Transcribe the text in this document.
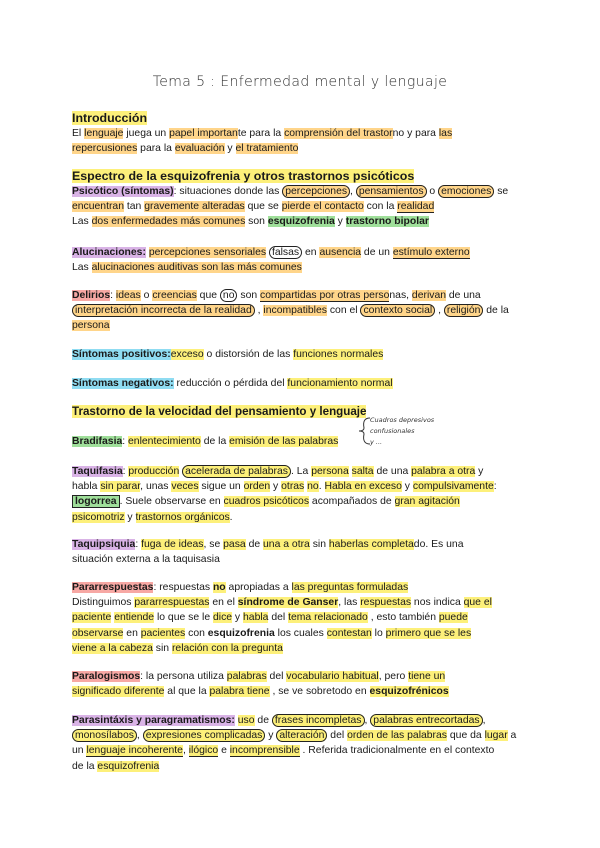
Tema 5 : Enfermedad mental y lenguaje
Introducción
El lenguaje juega un papel importante para la comprensión del trastorno y para las
repercusiones para la evaluación y el tratamiento
Espectro de la esquizofrenia y otros trastornos psicóticos
Psicótico (síntomas): situaciones donde las percepciones , pensamientos o emociones se
encuentran tan gravemente alteradas que se pierde el contacto con la realidad
Las dos enfermedades más comunes son esquizofrenia y trastorno bipolar
Alucinaciones: percepciones sensoriales falsas en ausencia de un estímulo externo
Las alucinaciones auditivas son las más comunes
Delirios: ideas o creencias que no son compartidas por otras personas, derivan de una
interpretación incorrecta de la realidad , incompatibles con el contexto social , religión de la
persona
Síntomas positivos:exceso o distorsión de las funciones normales
Síntomas negativos: reducción o pérdida del funcionamiento normal
Trastorno de la velocidad del pensamiento y lenguaje
Bradifasia: enlentecimiento de la emisión de las palabras
Cuadros depresivos
confusionales
y ...
Taquifasia: producción acelerada de palabras . La persona salta de una palabra a otra y
habla sin parar, unas veces sigue un orden y otras no. Habla en exceso y compulsivamente:
logorrea . Suele observarse en cuadros psicóticos acompañados de gran agitación
psicomotriz y trastornos orgánicos.
Taquipsiquia: fuga de ideas, se pasa de una a otra sin haberlas completado. Es una
situación externa a la taquisasia
Pararrespuestas: respuestas no apropiadas a las preguntas formuladas
Distinguimos pararrespuestas en el síndrome de Ganser, las respuestas nos indica que el
paciente entiende lo que se le dice y habla del tema relacionado , esto también puede
observarse en pacientes con esquizofrenia los cuales contestan lo primero que se les
viene a la cabeza sin relación con la pregunta
Paralogismos: la persona utiliza palabras del vocabulario habitual, pero tiene un
significado diferente al que la palabra tiene , se ve sobretodo en esquizofrénicos
Parasintáxis y paragramatismos: uso de frases incompletas , palabras entrecortadas ,
monosílabos , expresiones complicadas y alteración del orden de las palabras que da lugar a
un lenguaje incoherente, ilógico e incomprensible . Referida tradicionalmente en el contexto
de la esquizofrenia
